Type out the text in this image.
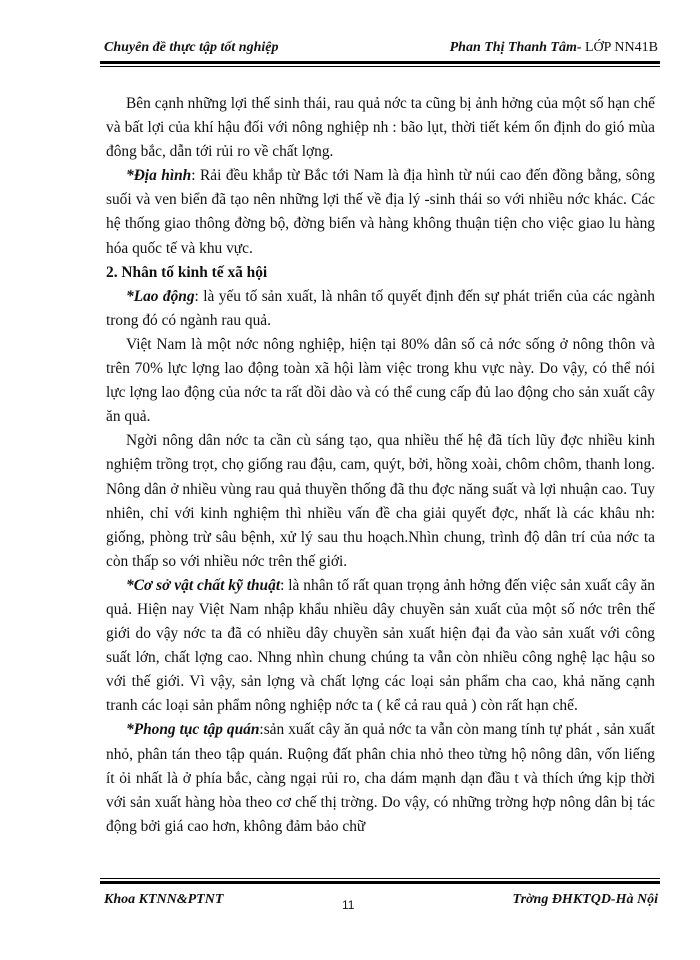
Chuyên đề thực tập tốt nghiệp	Phan Thị Thanh Tâm- LỚP NN41B

Bên cạnh những lợi thế sinh thái, rau quả nớc ta cũng bị ảnh hởng của một số hạn chế và bất lợi của khí hậu đối với nông nghiệp nh : bão lụt, thời tiết kém ổn định do gió mùa đông bắc, dẫn tới rủi ro về chất lợng.

*Địa hình: Rải đều khắp từ Bắc tới Nam là địa hình từ núi cao đến đồng bằng, sông suối và ven biển đã tạo nên những lợi thế về địa lý -sinh thái so với nhiều nớc khác. Các hệ thống giao thông đờng bộ, đờng biển và hàng không thuận tiện cho việc giao lu hàng hóa quốc tế và khu vực.

2. Nhân tố kinh tế xã hội

*Lao động: là yếu tố sản xuất, là nhân tố quyết định đến sự phát triển của các ngành trong đó có ngành rau quả.

Việt Nam là một nớc nông nghiệp, hiện tại 80% dân số cả nớc sống ở nông thôn và trên 70% lực lợng lao động toàn xã hội làm việc trong khu vực này. Do vậy, có thể nói lực lợng lao động của nớc ta rất dồi dào và có thể cung cấp đủ lao động cho sản xuất cây ăn quả.

Ngời nông dân nớc ta cần cù sáng tạo, qua nhiều thế hệ đã tích lũy đợc nhiều kinh nghiệm trồng trọt, chọ giống rau đậu, cam, quýt, bởi, hồng xoài, chôm chôm, thanh long. Nông dân ở nhiều vùng rau quả thuyền thống đã thu đợc năng suất và lợi nhuận cao. Tuy nhiên, chỉ với kinh nghiệm thì nhiều vấn đề cha giải quyết đợc, nhất là các khâu nh: giống, phòng trừ sâu bệnh, xử lý sau thu hoạch.Nhìn chung, trình độ dân trí của nớc ta còn thấp so với nhiều nớc trên thế giới.

*Cơ sở vật chất kỹ thuật: là nhân tố rất quan trọng ảnh hởng đến việc sản xuất cây ăn quả. Hiện nay Việt Nam nhập khẩu nhiều dây chuyền sản xuất của một số nớc trên thế giới do vậy nớc ta đã có nhiều dây chuyền sản xuất hiện đại đa vào sản xuất với công suất lớn, chất lợng cao. Nhng nhìn chung chúng ta vẫn còn nhiều công nghệ lạc hậu so với thế giới. Vì vậy, sản lợng và chất lợng các loại sản phẩm cha cao, khả năng cạnh tranh các loại sản phẩm nông nghiệp nớc ta ( kể cả rau quả ) còn rất hạn chế.

*Phong tục tập quán:sản xuất cây ăn quả nớc ta vẫn còn mang tính tự phát , sản xuất nhỏ, phân tán theo tập quán. Ruộng đất phân chia nhỏ theo từng hộ nông dân, vốn liếng ít ỏi nhất là ở phía bắc, càng ngại rủi ro, cha dám mạnh dạn đầu t và thích ứng kịp thời với sản xuất hàng hòa theo cơ chế thị trờng. Do vậy, có những trờng hợp nông dân bị tác động bởi giá cao hơn, không đảm bảo chữ

Khoa KTNN&PTNT	11	Trờng ĐHKTQD-Hà Nội
